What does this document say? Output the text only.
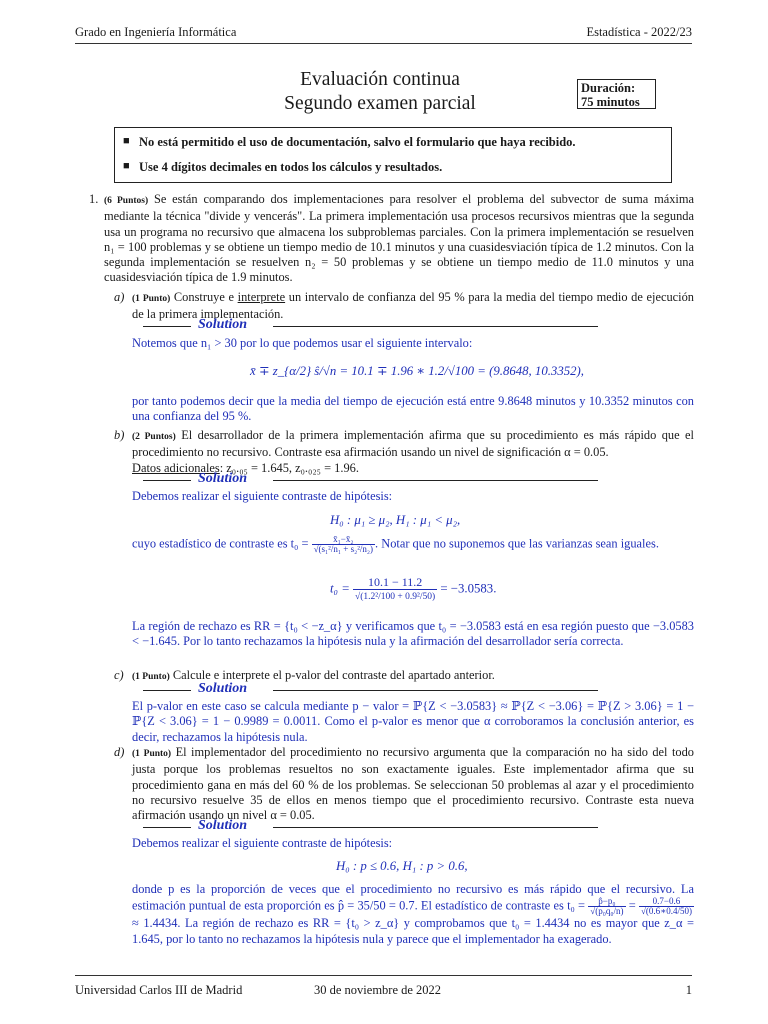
Grado en Ingeniería Informática	Estadística - 2022/23
Evaluación continua
Segundo examen parcial
Duración:
75 minutos
■ No está permitido el uso de documentación, salvo el formulario que haya recibido.
■ Use 4 dígitos decimales en todos los cálculos y resultados.
1. (6 Puntos) Se están comparando dos implementaciones para resolver el problema del subvector de suma máxima mediante la técnica "divide y vencerás". La primera implementación usa procesos recursivos mientras que la segunda usa un programa no recursivo que almacena los subproblemas parciales. Con la primera implementación se resuelven n₁ = 100 problemas y se obtiene un tiempo medio de 10.1 minutos y una cuasidesviación típica de 1.2 minutos. Con la segunda implementación se resuelven n₂ = 50 problemas y se obtiene un tiempo medio de 11.0 minutos y una cuasidesviación típica de 1.9 minutos.
a) (1 Punto) Construye e interprete un intervalo de confianza del 95 % para la media del tiempo medio de ejecución de la primera implementación.
Solution
Notemos que n₁ > 30 por lo que podemos usar el siguiente intervalo:
x̄ ∓ z_{α/2} ŝ/√n = 10.1 ∓ 1.96 ∗ 1.2/√100 = (9.8648, 10.3352),
por tanto podemos decir que la media del tiempo de ejecución está entre 9.8648 minutos y 10.3352 minutos con una confianza del 95 %.
b) (2 Puntos) El desarrollador de la primera implementación afirma que su procedimiento es más rápido que el procedimiento no recursivo. Contraste esa afirmación usando un nivel de significación α = 0.05.
Datos adicionales: z₀.₀₅ = 1.645, z₀.₀₂₅ = 1.96.
Solution
Debemos realizar el siguiente contraste de hipótesis:
H₀ : μ₁ ≥ μ₂, H₁ : μ₁ < μ₂,
cuyo estadístico de contraste es $t_0 = \frac{\text{x̄₁−x̄₂}}{\text{√(s₁²/n₁ + s₂²/n₂)}}$ . Notar que no suponemos que las varianzas sean iguales.
$t_0 = \frac{10.1 - 11.2}{\text{√(1.2²/100 + 0.9²/50)}} = -3.0583$.
La región de rechazo es RR = {t₀ < −z_α} y verificamos que t₀ = −3.0583 está en esa región puesto que −3.0583 < −1.645. Por lo tanto rechazamos la hipótesis nula y la afirmación del desarrollador sería correcta.
c) (1 Punto) Calcule e interprete el p-valor del contraste del apartado anterior.
Solution
El p-valor en este caso se calcula mediante p − valor = ℙ{Z < −3.0583} ≈ ℙ{Z < −3.06} = ℙ{Z > 3.06} = 1 − ℙ{Z < 3.06} = 1 − 0.9989 = 0.0011. Como el p-valor es menor que α corroboramos la conclusión anterior, es decir, rechazamos la hipótesis nula.
d) (1 Punto) El implementador del procedimiento no recursivo argumenta que la comparación no ha sido del todo justa porque los problemas resueltos no son exactamente iguales. Este implementador afirma que su procedimiento gana en más del 60 % de los problemas. Se seleccionan 50 problemas al azar y el procedimiento no recursivo resuelve 35 de ellos en menos tiempo que el procedimiento recursivo. Contraste esta nueva afirmación usando un nivel α = 0.05.
Solution
Debemos realizar el siguiente contraste de hipótesis:
H₀ : p ≤ 0.6, H₁ : p > 0.6,
donde p es la proporción de veces que el procedimiento no recursivo es más rápido que el recursivo. La estimación puntual de esta proporción es p̂ = 35/50 = 0.7. El estadístico de contraste es $t_0 = \frac{\text{p̂−p₀}}{\text{√(p₀q₀/n)}} = \frac{0.7-0.6}{√(0.6∗0.4/50)}$
≈ 1.4434. La región de rechazo es RR = {t₀ > z_α} y comprobamos que t₀ = 1.4434 no es mayor que z_α = 1.645, por lo tanto no rechazamos la hipótesis nula y parece que el implementador ha exagerado.
Universidad Carlos III de Madrid	30 de noviembre de 2022	1
